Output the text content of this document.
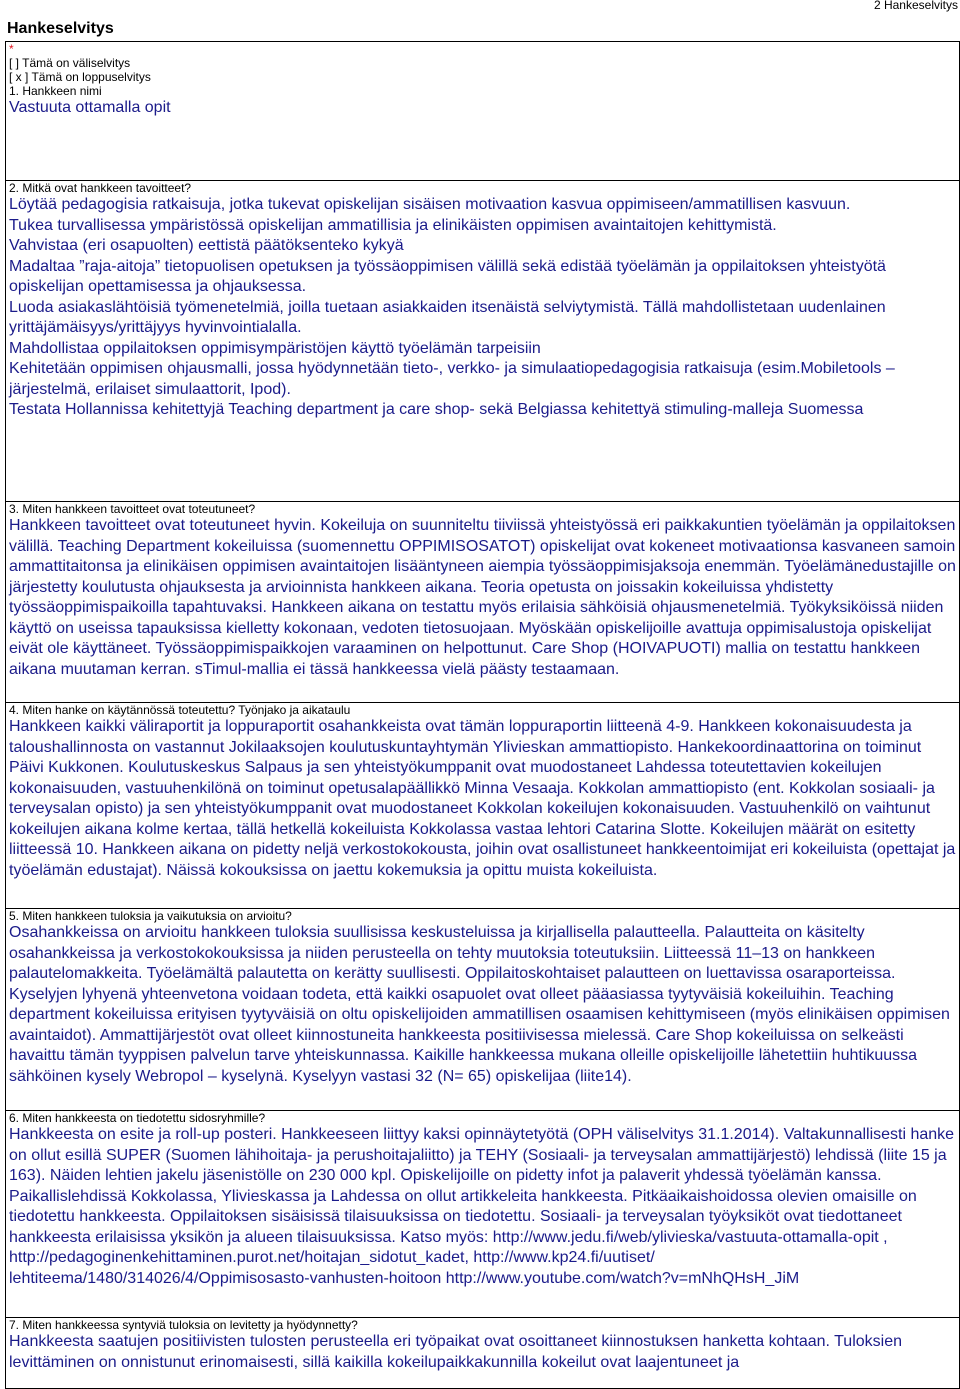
Hankeselvitys
2 Hankeselvitys
*
[ ] Tämä on väliselvitys
[ x ] Tämä on loppuselvitys
1. Hankkeen nimi

Vastuuta ottamalla opit

2. Mitkä ovat hankkeen tavoitteet?

Löytää pedagogisia ratkaisuja, jotka tukevat opiskelijan sisäisen motivaation kasvua oppimiseen/ammatillisen kasvuun.

Tukea turvallisessa ympäristössä opiskelijan ammatillisia ja elinikäisten oppimisen avaintaitojen kehittymistä.

Vahvistaa (eri osapuolten) eettistä päätöksenteko kykyä

Madaltaa ”raja-aitoja” tietopuolisen opetuksen ja työssäoppimisen välillä sekä edistää työelämän ja oppilaitoksen yhteistyötä opiskelijan opettamisessa ja ohjauksessa.

Luoda asiakaslähtöisiä työmenetelmiä, joilla tuetaan asiakkaiden itsenäistä selviytymistä. Tällä mahdollistetaan uudenlainen yrittäjämäisyys/yrittäjyys hyvinvointialalla.

Mahdollistaa oppilaitoksen oppimisympäristöjen käyttö työelämän tarpeisiin

Kehitetään oppimisen ohjausmalli, jossa hyödynnetään tieto-, verkko- ja simulaatiopedagogisia ratkaisuja (esim.Mobiletools –järjestelmä, erilaiset simulaattorit, Ipod).

Testata Hollannissa kehitettyjä Teaching department ja care shop- sekä Belgiassa kehitettyä stimuling-malleja Suomessa

3. Miten hankkeen tavoitteet ovat toteutuneet?

Hankkeen tavoitteet ovat toteutuneet hyvin. Kokeiluja on suunniteltu tiiviissä yhteistyössä eri paikkakuntien työelämän ja oppilaitoksen välillä. Teaching Department kokeiluissa (suomennettu OPPIMISOSATOT) opiskelijat ovat kokeneet motivaationsa kasvaneen samoin ammattitaitonsa ja elinikäisen oppimisen avaintaitojen lisääntyneen aiempia työssäoppimisjaksoja enemmän. Työelämänedustajille on järjestetty koulutusta ohjauksesta ja arvioinnista hankkeen aikana. Teoria opetusta on joissakin kokeiluissa yhdistetty työssäoppimispaikoilla tapahtuvaksi. Hankkeen aikana on testattu myös erilaisia sähköisiä ohjausmenetelmiä. Työkyksiköissä niiden käyttö on useissa tapauksissa kielletty kokonaan, vedoten tietosuojaan. Myöskään opiskelijoille avattuja oppimisalustoja opiskelijat eivät ole käyttäneet. Työssäoppimispaikkojen varaaminen on helpottunut. Care Shop (HOIVAPUOTI) mallia on testattu hankkeen aikana muutaman kerran. sTimul-mallia ei tässä hankkeessa vielä päästy testaamaan.

4. Miten hanke on käytännössä toteutettu? Työnjako ja aikataulu

Hankkeen kaikki väliraportit ja loppuraportit osahankkeista ovat tämän loppuraportin liitteenä 4-9. Hankkeen kokonaisuudesta ja taloushallinnosta on vastannut Jokilaaksojen koulutuskuntayhtymän Ylivieskan ammattiopisto. Hankekoordinaattorina on toiminut Päivi Kukkonen. Koulutuskeskus Salpaus ja sen yhteistyökumppanit ovat muodostaneet Lahdessa toteutettavien kokeilujen kokonaisuuden, vastuuhenkilönä on toiminut opetusalapäällikkö Minna Vesaaja. Kokkolan ammattiopisto (ent. Kokkolan sosiaali- ja terveysalan opisto) ja sen yhteistyökumppanit ovat muodostaneet Kokkolan kokeilujen kokonaisuuden. Vastuuhenkilö on vaihtunut kokeilujen aikana kolme kertaa, tällä hetkellä kokeiluista Kokkolassa vastaa lehtori Catarina Slotte. Kokeilujen määrät on esitetty liitteessä 10. Hankkeen aikana on pidetty neljä verkostokokousta, joihin ovat osallistuneet hankkeentoimijat eri kokeiluista (opettajat ja työelämän edustajat). Näissä kokouksissa on jaettu kokemuksia ja opittu muista kokeiluista.

5. Miten hankkeen tuloksia ja vaikutuksia on arvioitu?

Osahankkeissa on arvioitu hankkeen tuloksia suullisissa keskusteluissa ja kirjallisella palautteella. Palautteita on käsitelty osahankkeissa ja verkostokokouksissa ja niiden perusteella on tehty muutoksia toteutuksiin. Liitteessä 11–13 on hankkeen palautelomakkeita. Työelämältä palautetta on kerätty suullisesti. Oppilaitoskohtaiset palautteen on luettavissa osaraporteissa. Kyselyjen lyhyenä yhteenvetona voidaan todeta, että kaikki osapuolet ovat olleet pääasiassa tyytyväisiä kokeiluihin. Teaching department kokeiluissa erityisen tyytyväisiä on oltu opiskelijoiden ammatillisen osaamisen kehittymiseen (myös elinikäisen oppimisen avaintaidot). Ammattijärjestöt ovat olleet kiinnostuneita hankkeesta positiivisessa mielessä. Care Shop kokeiluissa on selkeästi havaittu tämän tyyppisen palvelun tarve yhteiskunnassa. Kaikille hankkeessa mukana olleille opiskelijoille lähetettiin huhtikuussa sähköinen kysely Webropol – kyselynä. Kyselyyn vastasi 32 (N= 65) opiskelijaa (liite14).

6. Miten hankkeesta on tiedotettu sidosryhmille?

Hankkeesta on esite ja roll-up posteri. Hankkeeseen liittyy kaksi opinnäytetyötä (OPH väliselvitys 31.1.2014). Valtakunnallisesti hanke on ollut esillä SUPER (Suomen lähihoitaja- ja perushoitajaliitto) ja TEHY (Sosiaali- ja terveysalan ammattijärjestö) lehdissä (liite 15 ja 163). Näiden lehtien jakelu jäsenistölle on 230 000 kpl. Opiskelijoille on pidetty infot ja palaverit yhdessä työelämän kanssa. Paikallislehdissä Kokkolassa, Ylivieskassa ja Lahdessa on ollut artikkeleita hankkeesta. Pitkäaikaishoidossa olevien omaisille on tiedotettu hankkeesta. Oppilaitoksen sisäisissä tilaisuuksissa on tiedotettu. Sosiaali- ja terveysalan työyksiköt ovat tiedottaneet hankkeesta erilaisissa yksikön ja alueen tilaisuuksissa. Katso myös: http://www.jedu.fi/web/ylivieska/vastuuta-ottamalla-opit , http://pedagoginenkehittaminen.purot.net/hoitajan_sidotut_kadet, http://www.kp24.fi/uutiset/ lehtiteema/1480/314026/4/Oppimisosasto-vanhusten-hoitoon http://www.youtube.com/watch?v=mNhQHsH_JiM

7. Miten hankkeessa syntyviä tuloksia on levitetty ja hyödynnetty?

Hankkeesta saatujen positiivisten tulosten perusteella eri työpaikat ovat osoittaneet kiinnostuksen hanketta kohtaan. Tuloksien levittäminen on onnistunut erinomaisesti, sillä kaikilla kokeilupaikkakunnilla kokeilut ovat laajentuneet ja
